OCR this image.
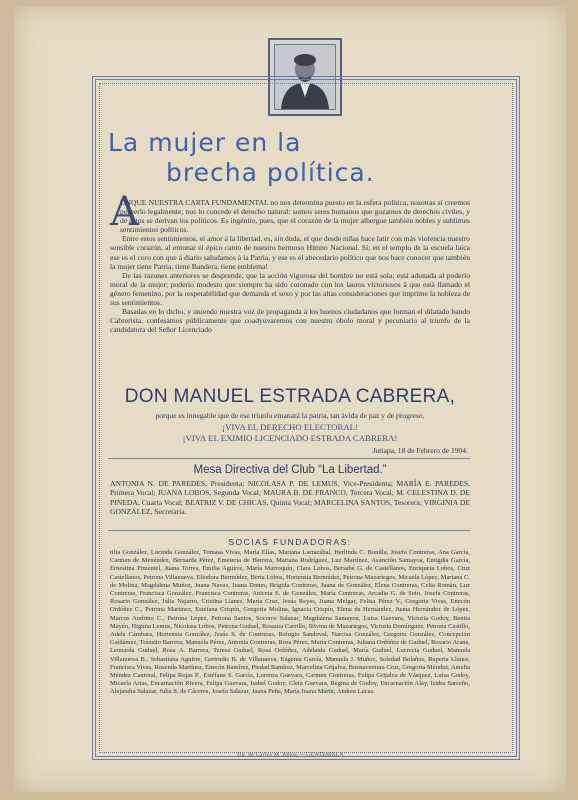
La mujer en la
brecha política.
A

UNQUE NUESTRA CARTA FUNDAMENTAL no nos determina puesto en la esfera política, nosotras sí creemos poseerlo legalmente; nos lo concede el derecho natural: somos seres humanos que gozamos de derechos civiles, y de éstos se derivan los políticos. Es ingénito, pues, que el corazón de la mujer albergue también nobles y sublimes sentimientos políticos.

Entre estos sentimientos, el amor á la libertad, es, sin duda, el que desde niñas hace latir con más violencia nuestro sensible corazón, al entonar el épico canto de nuestro hermoso Himno Nacional. Sí; en el templo de la escuela laica ese es el coro con que á diario saludamos á la Patria, y ese es el abecedario político que nos hace conocer que también la mujer tiene Patria, tiene Bandera, tiene emblema!

De las razones anteriores se desprende, que la acción vigorosa del hombre no está sola; está adunada al poderío moral de la mujer; poderío modesto que siempre ha sido coronado con los lauros victoriosos á que está llamado el género femenino, por la respetabilidad que demanda el sexo y por las altas consideraciones que imprime la nobleza de sus sentimientos.

Basadas en lo dicho, y uniendo nuestra voz de propaganda á los buenos ciudadanos que forman el dilatado bando Cabrerista, confesamos públicamente que coadyuvaremos con nuestro óbolo moral y pecuniario al triunfo de la candidatura del Señor Licenciado

DON MANUEL ESTRADA CABRERA,
porque es innegable que de ese triunfo emanará la patria, tan ávida de paz y de progreso.
¡VIVA EL DERECHO ELECTORAL!
¡VIVA EL EXIMIO LICENCIADO ESTRADA CABRERA!
Jutiapa, 18 de Febrero de 1904.
Mesa Directiva del Club “La Libertad.”
ANTONIA N. DE PAREDES, Presidenta; NICOLASA P. DE LEMUS, Vice-Presidenta; MARÍA E. PAREDES, Primera Vocal; JUANA LOBOS, Segunda Vocal; MAURA B. DE FRANCO, Tercera Vocal; M. CELESTINA D. DE PINEDA, Cuarta Vocal; BEATRIZ V. DE CHICAS, Quinta Vocal; MARCELINA SANTOS, Tesorera; VIRGINIA DE GONZÁLEZ, Secretaria.
SOCIAS FUNDADORAS:
tilia González, Lucinda González, Tomasa Vivas, María Elías, Mariana Larrazábal, Herlinda C. Bonilla, Josefa Contreras, Ana García, Carmen de Menéndez, Bernarda Pérez, Emeteria de Herrera, Mariana Rodríguez, Luz Martínez, Asunción Samayoa, Emigdia García, Ernestina Pimentel, Juana Torres, Emilia Aguirre, María Marroquín, Clara Lobos, Bersabé G. de Castellanos, Enriqueta Lobos, Cruz Castellanos, Petrona Villanueva, Eliodora Bermúdez, Berta Lobos, Hortensia Bermúdez, Petrona Mazariegos, Micaela López, Mariana C. de Molina, Magdalena Muñoz, Juana Navas, Juana Dones, Brígida Contreras, Juana de González, Elena Contreras, Celia Román, Luz Contreras, Francisca González, Francisca Contreras, Aniceta S. de González, María Contreras, Arcadia G. de Soto, Josefa Contreras, Rosario González, Julia Najarro, Cristina Llanes, María Cruz, Jesús Reyes, Juana Melgar, Felisa Pérez V., Gregoria Vivas, Enecón Ordóñez C., Petrona Martínez, Estéfana Crispín, Gregoria Molina, Ignacia Crispín, Elena de Hernández, Juana Hernández de López, Marcos Andrino C., Petrona López, Petrona Santos, Socorro Salazar, Magdalena Samayoa, Luisa Guevara, Victoria Godoy, Benita Mayén, Higinia Lemus, Nicolasa Lobos, Petrona Guduel, Rosaura Carrillo, Silvina de Mazariegos, Victoria Domínguez, Petrona Castillo, Adela Cámbara, Hortensia González, Jesús S. de Contreras, Refugio Sandoval, Narcisa González, Gregoria González, Concepción Galdámez, Tránsito Barrera, Manuela Pérez, Antonia Contreras, Rosa Pérez, María Contreras, Juliana Ordóñez de Guduel, Rosario Arana, Leonarda Guduel, Rosa A. Barrera, Teresa Guduel, Rosa Ordóñez, Adelaida Guduel, María Guduel, Lucrecia Guduel, Manuela Villanueva B., Sebastiana Aguirre, Gertrudis B. de Villanueva, Eúgenia García, Manuela J. Muñoz, Soledad Bolaños, Ruperta Llanes, Francisca Vivas, Rosenda Martínez, Enecón Ramírez, Piedad Ramírez, Marcelina Grijalva, Buenaventura Cruz, Gregoria Méndez, Amelia Méndez Cantoral, Felipa Rojas P., Estéfana S. García, Lorenza Guevara, Carmen Contreras, Felipa Grijalva de Vásquez, Luisa Godoy, Micaela Arias, Encarnación Rivera, Felipa Guevara, Isabel Godoy, Cleta Guevara, Regina de Godoy, Encarnación Alay, Isidra Sarceño, Alejandra Salazar, Julia S. de Cáceres, Josefa Salazar, Juana Peña, María Juana Mártir, Andrea Lucas.
Tip. de Carlos M. Amos. —GUATEMALA
